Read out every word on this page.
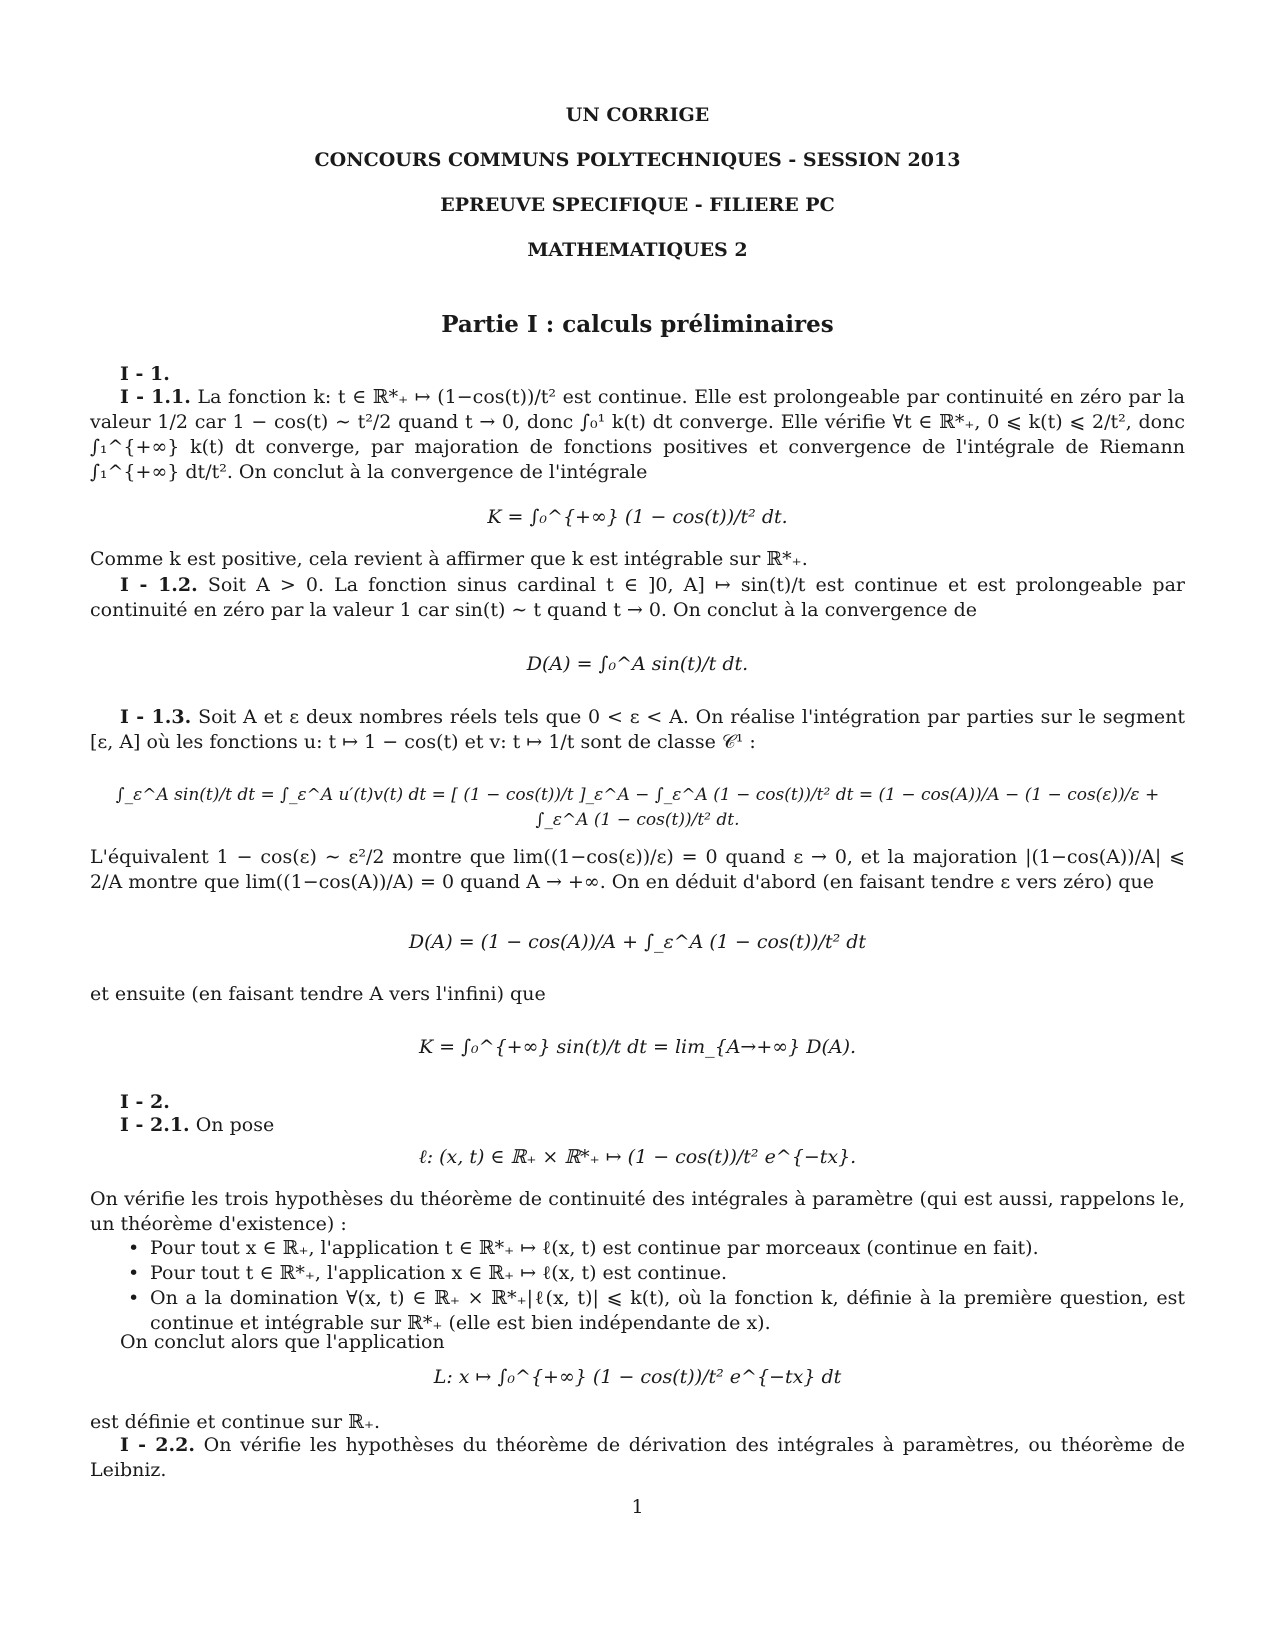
UN CORRIGE
CONCOURS COMMUNS POLYTECHNIQUES - SESSION 2013
EPREUVE SPECIFIQUE - FILIERE PC
MATHEMATIQUES 2
Partie I : calculs préliminaires
I - 1.
I - 1.1. La fonction k: t ∈ ℝ*₊ ↦ (1−cos(t))/t² est continue. Elle est prolongeable par continuité en zéro par la valeur 1/2 car 1 − cos(t) ∼ t²/2 quand t → 0, donc ∫₀¹ k(t) dt converge. Elle vérifie ∀t ∈ ℝ*₊, 0 ⩽ k(t) ⩽ 2/t², donc ∫₁^{+∞} k(t) dt converge, par majoration de fonctions positives et convergence de l'intégrale de Riemann ∫₁^{+∞} dt/t². On conclut à la convergence de l'intégrale
K = ∫₀^{+∞} (1 − cos(t))/t² dt.
Comme k est positive, cela revient à affirmer que k est intégrable sur ℝ*₊.
I - 1.2. Soit A > 0. La fonction sinus cardinal t ∈ ]0, A] ↦ sin(t)/t est continue et est prolongeable par continuité en zéro par la valeur 1 car sin(t) ∼ t quand t → 0. On conclut à la convergence de
D(A) = ∫₀^A sin(t)/t dt.
I - 1.3. Soit A et ε deux nombres réels tels que 0 < ε < A. On réalise l'intégration par parties sur le segment [ε, A] où les fonctions u: t ↦ 1 − cos(t) et v: t ↦ 1/t sont de classe 𝒞¹ :
∫_ε^A sin(t)/t dt = ∫_ε^A u′(t)v(t) dt = [ (1 − cos(t))/t ]_ε^A − ∫_ε^A (1 − cos(t))/t² dt = (1 − cos(A))/A − (1 − cos(ε))/ε + ∫_ε^A (1 − cos(t))/t² dt.
L'équivalent 1 − cos(ε) ∼ ε²/2 montre que lim((1−cos(ε))/ε) = 0 quand ε → 0, et la majoration |(1−cos(A))/A| ⩽ 2/A montre que lim((1−cos(A))/A) = 0 quand A → +∞. On en déduit d'abord (en faisant tendre ε vers zéro) que
D(A) = (1 − cos(A))/A + ∫_ε^A (1 − cos(t))/t² dt
et ensuite (en faisant tendre A vers l'infini) que
K = ∫₀^{+∞} sin(t)/t dt = lim_{A→+∞} D(A).
I - 2.
I - 2.1. On pose
ℓ: (x, t) ∈ ℝ₊ × ℝ*₊ ↦ (1 − cos(t))/t² e^{−tx}.
On vérifie les trois hypothèses du théorème de continuité des intégrales à paramètre (qui est aussi, rappelons le, un théorème d'existence) :
• Pour tout x ∈ ℝ₊, l'application t ∈ ℝ*₊ ↦ ℓ(x, t) est continue par morceaux (continue en fait).
• Pour tout t ∈ ℝ*₊, l'application x ∈ ℝ₊ ↦ ℓ(x, t) est continue.
• On a la domination ∀(x, t) ∈ ℝ₊ × ℝ*₊|ℓ(x, t)| ⩽ k(t), où la fonction k, définie à la première question, est continue et intégrable sur ℝ*₊ (elle est bien indépendante de x).
On conclut alors que l'application
L: x ↦ ∫₀^{+∞} (1 − cos(t))/t² e^{−tx} dt
est définie et continue sur ℝ₊.
I - 2.2. On vérifie les hypothèses du théorème de dérivation des intégrales à paramètres, ou théorème de Leibniz.
1
